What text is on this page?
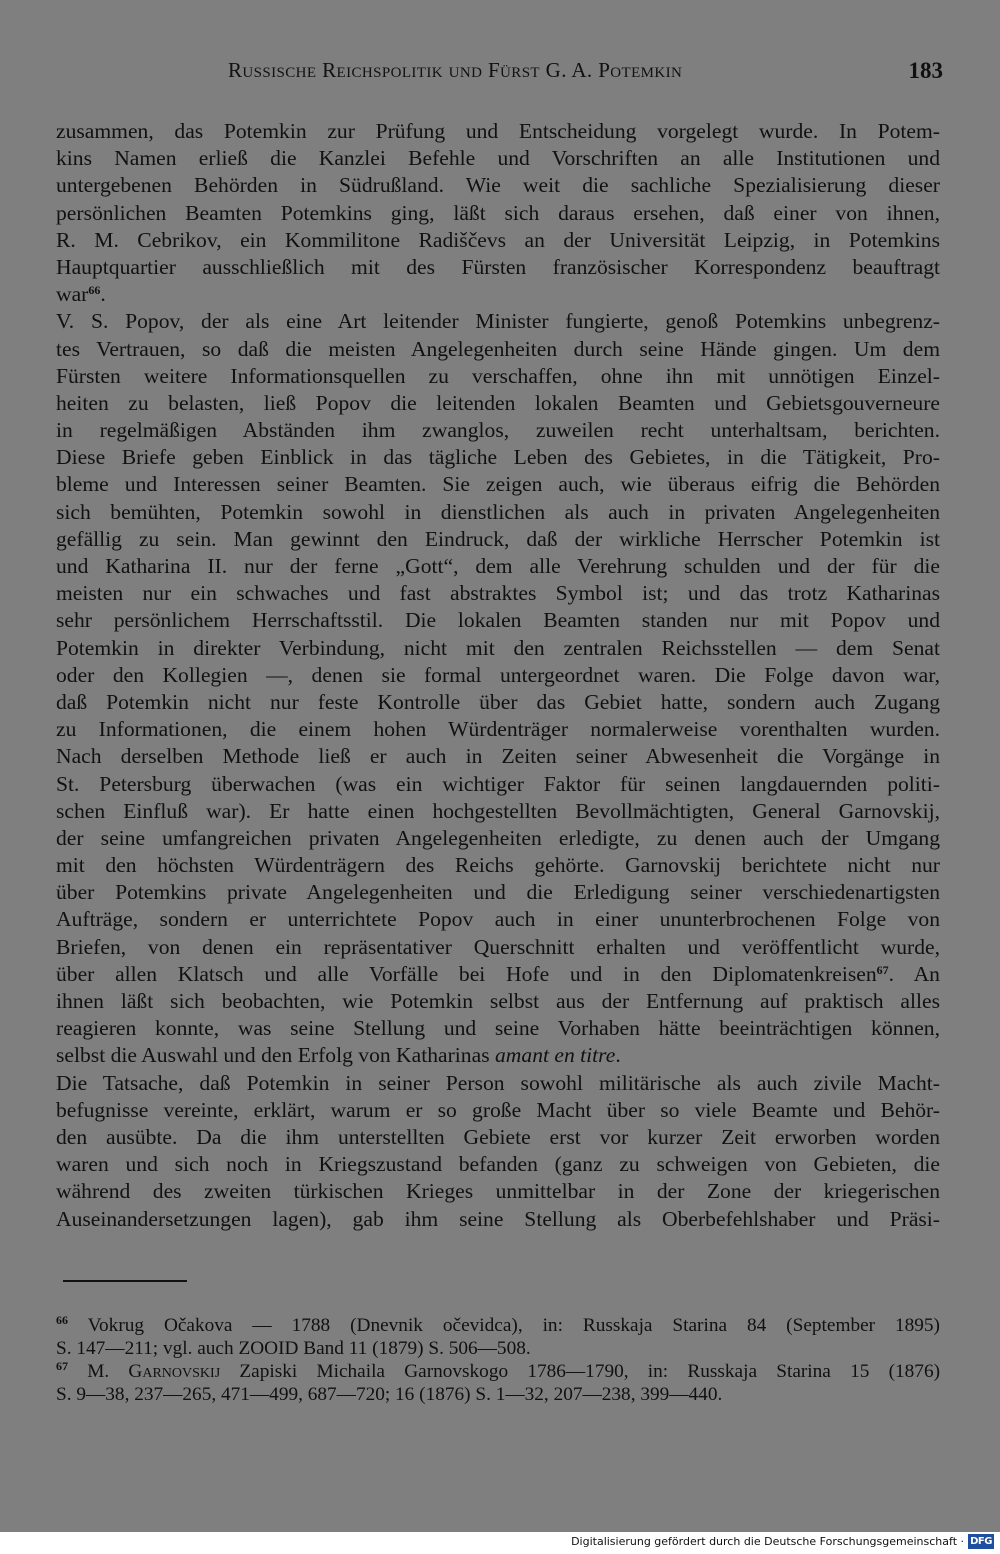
Russische Reichspolitik und Fürst G. A. Potemkin	183
zusammen, das Potemkin zur Prüfung und Entscheidung vorgelegt wurde. In Potem-
kins Namen erließ die Kanzlei Befehle und Vorschriften an alle Institutionen und
untergebenen Behörden in Südrußland. Wie weit die sachliche Spezialisierung dieser
persönlichen Beamten Potemkins ging, läßt sich daraus ersehen, daß einer von ihnen,
R. M. Cebrikov, ein Kommilitone Radiščevs an der Universität Leipzig, in Potemkins
Hauptquartier ausschließlich mit des Fürsten französischer Korrespondenz beauftragt
war$^{66}$.
V. S. Popov, der als eine Art leitender Minister fungierte, genoß Potemkins unbegrenz-
tes Vertrauen, so daß die meisten Angelegenheiten durch seine Hände gingen. Um dem
Fürsten weitere Informationsquellen zu verschaffen, ohne ihn mit unnötigen Einzel-
heiten zu belasten, ließ Popov die leitenden lokalen Beamten und Gebietsgouverneure
in regelmäßigen Abständen ihm zwanglos, zuweilen recht unterhaltsam, berichten.
Diese Briefe geben Einblick in das tägliche Leben des Gebietes, in die Tätigkeit, Pro-
bleme und Interessen seiner Beamten. Sie zeigen auch, wie überaus eifrig die Behörden
sich bemühten, Potemkin sowohl in dienstlichen als auch in privaten Angelegenheiten
gefällig zu sein. Man gewinnt den Eindruck, daß der wirkliche Herrscher Potemkin ist
und Katharina II. nur der ferne „Gott“, dem alle Verehrung schulden und der für die
meisten nur ein schwaches und fast abstraktes Symbol ist; und das trotz Katharinas
sehr persönlichem Herrschaftsstil. Die lokalen Beamten standen nur mit Popov und
Potemkin in direkter Verbindung, nicht mit den zentralen Reichsstellen — dem Senat
oder den Kollegien —, denen sie formal untergeordnet waren. Die Folge davon war,
daß Potemkin nicht nur feste Kontrolle über das Gebiet hatte, sondern auch Zugang
zu Informationen, die einem hohen Würdenträger normalerweise vorenthalten wurden.
Nach derselben Methode ließ er auch in Zeiten seiner Abwesenheit die Vorgänge in
St. Petersburg überwachen (was ein wichtiger Faktor für seinen langdauernden politi-
schen Einfluß war). Er hatte einen hochgestellten Bevollmächtigten, General Garnovskij,
der seine umfangreichen privaten Angelegenheiten erledigte, zu denen auch der Umgang
mit den höchsten Würdenträgern des Reichs gehörte. Garnovskij berichtete nicht nur
über Potemkins private Angelegenheiten und die Erledigung seiner verschiedenartigsten
Aufträge, sondern er unterrichtete Popov auch in einer ununterbrochenen Folge von
Briefen, von denen ein repräsentativer Querschnitt erhalten und veröffentlicht wurde,
über allen Klatsch und alle Vorfälle bei Hofe und in den Diplomatenkreisen$^{67}$. An
ihnen läßt sich beobachten, wie Potemkin selbst aus der Entfernung auf praktisch alles
reagieren konnte, was seine Stellung und seine Vorhaben hätte beeinträchtigen können,
selbst die Auswahl und den Erfolg von Katharinas amant en titre.
Die Tatsache, daß Potemkin in seiner Person sowohl militärische als auch zivile Macht-
befugnisse vereinte, erklärt, warum er so große Macht über so viele Beamte und Behör-
den ausübte. Da die ihm unterstellten Gebiete erst vor kurzer Zeit erworben worden
waren und sich noch in Kriegszustand befanden (ganz zu schweigen von Gebieten, die
während des zweiten türkischen Krieges unmittelbar in der Zone der kriegerischen
Auseinandersetzungen lagen), gab ihm seine Stellung als Oberbefehlshaber und Präsi-
$^{66}$ Vokrug Očakova — 1788 (Dnevnik očevidca), in: Russkaja Starina 84 (September 1895)
S. 147—211; vgl. auch ZOOID Band 11 (1879) S. 506—508.
$^{67}$ M. Garnovskij Zapiski Michaila Garnovskogo 1786—1790, in: Russkaja Starina 15 (1876)
S. 9—38, 237—265, 471—499, 687—720; 16 (1876) S. 1—32, 207—238, 399—440.
Digitalisierung gefördert durch die Deutsche Forschungsgemeinschaft · DFG
